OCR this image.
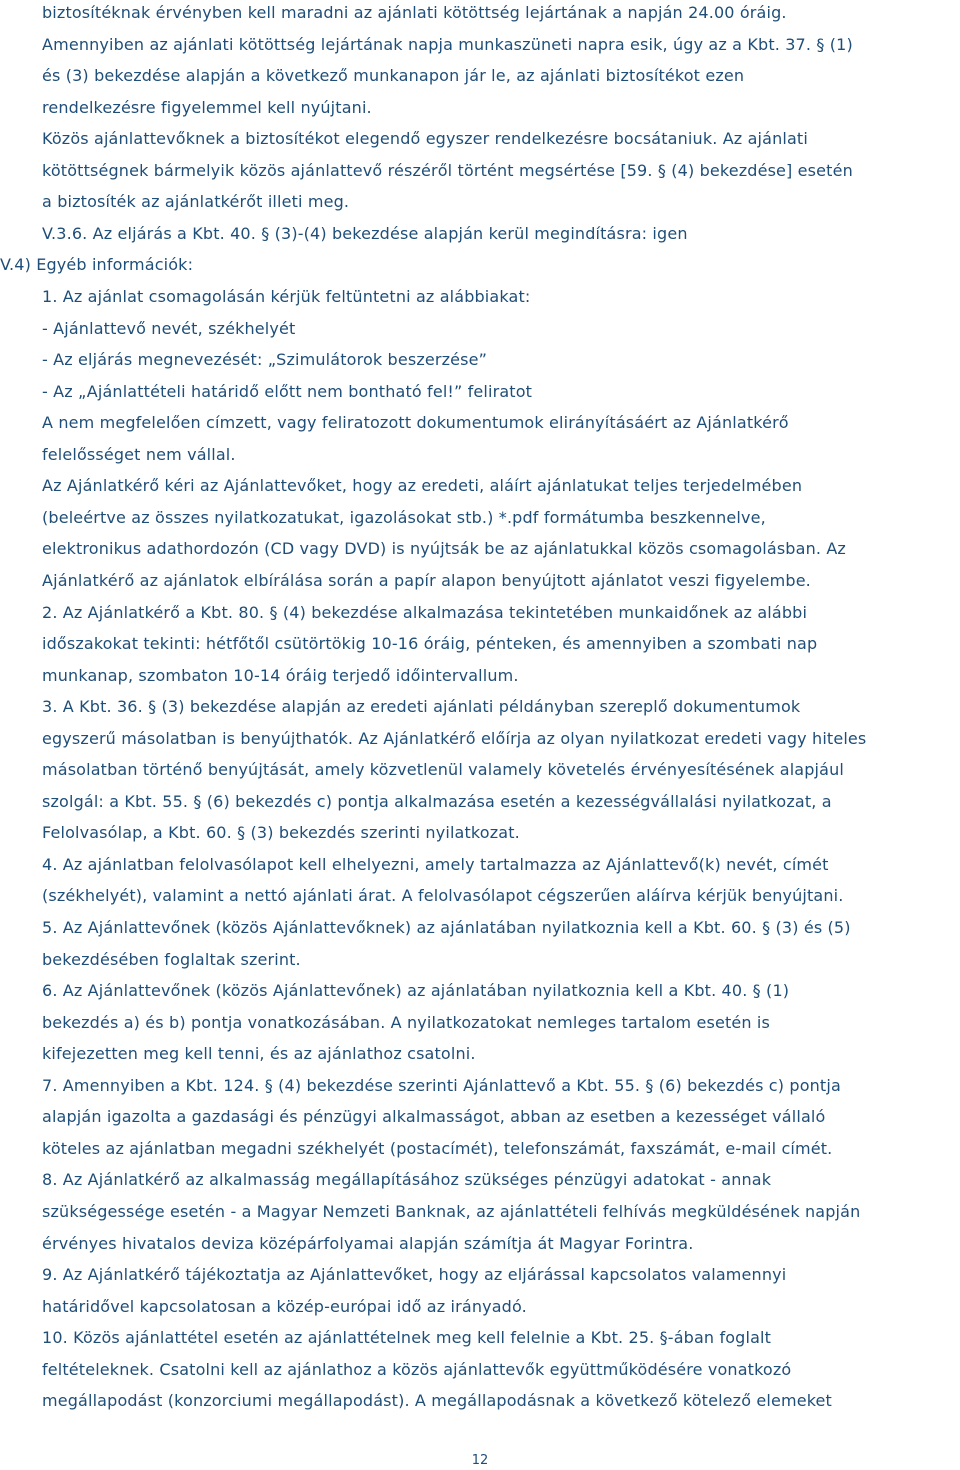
biztosítéknak érvényben kell maradni az ajánlati kötöttség lejártának a napján 24.00 óráig.
Amennyiben az ajánlati kötöttség lejártának napja munkaszüneti napra esik, úgy az a Kbt. 37. § (1)
és (3) bekezdése alapján a következő munkanapon jár le, az ajánlati biztosítékot ezen
rendelkezésre figyelemmel kell nyújtani.
Közös ajánlattevőknek a biztosítékot elegendő egyszer rendelkezésre bocsátaniuk. Az ajánlati
kötöttségnek bármelyik közös ajánlattevő részéről történt megsértése [59. § (4) bekezdése] esetén
a biztosíték az ajánlatkérőt illeti meg.
V.3.6. Az eljárás a Kbt. 40. § (3)-(4) bekezdése alapján kerül megindításra: igen
V.4) Egyéb információk:
1. Az ajánlat csomagolásán kérjük feltüntetni az alábbiakat:
- Ajánlattevő nevét, székhelyét
- Az eljárás megnevezését: „Szimulátorok beszerzése”
- Az „Ajánlattételi határidő előtt nem bontható fel!” feliratot
A nem megfelelően címzett, vagy feliratozott dokumentumok elirányításáért az Ajánlatkérő
felelősséget nem vállal.
Az Ajánlatkérő kéri az Ajánlattevőket, hogy az eredeti, aláírt ajánlatukat teljes terjedelmében
(beleértve az összes nyilatkozatukat, igazolásokat stb.) *.pdf formátumba beszkennelve,
elektronikus adathordozón (CD vagy DVD) is nyújtsák be az ajánlatukkal közös csomagolásban. Az
Ajánlatkérő az ajánlatok elbírálása során a papír alapon benyújtott ajánlatot veszi figyelembe.
2. Az Ajánlatkérő a Kbt. 80. § (4) bekezdése alkalmazása tekintetében munkaidőnek az alábbi
időszakokat tekinti: hétfőtől csütörtökig 10-16 óráig, pénteken, és amennyiben a szombati nap
munkanap, szombaton 10-14 óráig terjedő időintervallum.
3. A Kbt. 36. § (3) bekezdése alapján az eredeti ajánlati példányban szereplő dokumentumok
egyszerű másolatban is benyújthatók. Az Ajánlatkérő előírja az olyan nyilatkozat eredeti vagy hiteles
másolatban történő benyújtását, amely közvetlenül valamely követelés érvényesítésének alapjául
szolgál: a Kbt. 55. § (6) bekezdés c) pontja alkalmazása esetén a kezességvállalási nyilatkozat, a
Felolvasólap, a Kbt. 60. § (3) bekezdés szerinti nyilatkozat.
4. Az ajánlatban felolvasólapot kell elhelyezni, amely tartalmazza az Ajánlattevő(k) nevét, címét
(székhelyét), valamint a nettó ajánlati árat. A felolvasólapot cégszerűen aláírva kérjük benyújtani.
5. Az Ajánlattevőnek (közös Ajánlattevőknek) az ajánlatában nyilatkoznia kell a Kbt. 60. § (3) és (5)
bekezdésében foglaltak szerint.
6. Az Ajánlattevőnek (közös Ajánlattevőnek) az ajánlatában nyilatkoznia kell a Kbt. 40. § (1)
bekezdés a) és b) pontja vonatkozásában. A nyilatkozatokat nemleges tartalom esetén is
kifejezetten meg kell tenni, és az ajánlathoz csatolni.
7. Amennyiben a Kbt. 124. § (4) bekezdése szerinti Ajánlattevő a Kbt. 55. § (6) bekezdés c) pontja
alapján igazolta a gazdasági és pénzügyi alkalmasságot, abban az esetben a kezességet vállaló
köteles az ajánlatban megadni székhelyét (postacímét), telefonszámát, faxszámát, e-mail címét.
8. Az Ajánlatkérő az alkalmasság megállapításához szükséges pénzügyi adatokat - annak
szükségessége esetén - a Magyar Nemzeti Banknak, az ajánlattételi felhívás megküldésének napján
érvényes hivatalos deviza középárfolyamai alapján számítja át Magyar Forintra.
9. Az Ajánlatkérő tájékoztatja az Ajánlattevőket, hogy az eljárással kapcsolatos valamennyi
határidővel kapcsolatosan a közép-európai idő az irányadó.
10. Közös ajánlattétel esetén az ajánlattételnek meg kell felelnie a Kbt. 25. §-ában foglalt
feltételeknek. Csatolni kell az ajánlathoz a közös ajánlattevők együttműködésére vonatkozó
megállapodást (konzorciumi megállapodást). A megállapodásnak a következő kötelező elemeket
12
